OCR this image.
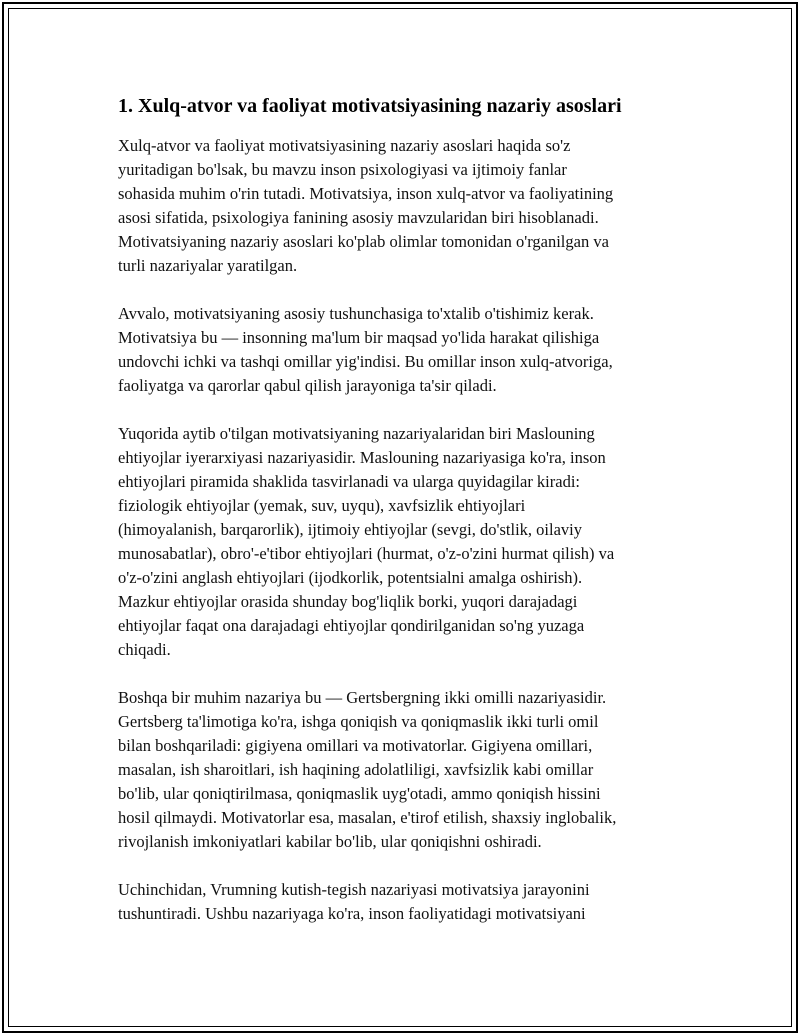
1. Xulq-atvor va faoliyat motivatsiyasining nazariy asoslari

Xulq-atvor va faoliyat motivatsiyasining nazariy asoslari haqida so'z
yuritadigan bo'lsak, bu mavzu inson psixologiyasi va ijtimoiy fanlar
sohasida muhim o'rin tutadi. Motivatsiya, inson xulq-atvor va faoliyatining
asosi sifatida, psixologiya fanining asosiy mavzularidan biri hisoblanadi.
Motivatsiyaning nazariy asoslari ko'plab olimlar tomonidan o'rganilgan va
turli nazariyalar yaratilgan.

Avvalo, motivatsiyaning asosiy tushunchasiga to'xtalib o'tishimiz kerak.
Motivatsiya bu — insonning ma'lum bir maqsad yo'lida harakat qilishiga
undovchi ichki va tashqi omillar yig'indisi. Bu omillar inson xulq-atvoriga,
faoliyatga va qarorlar qabul qilish jarayoniga ta'sir qiladi.

Yuqorida aytib o'tilgan motivatsiyaning nazariyalaridan biri Maslouning
ehtiyojlar iyerarxiyasi nazariyasidir. Maslouning nazariyasiga ko'ra, inson
ehtiyojlari piramida shaklida tasvirlanadi va ularga quyidagilar kiradi:
fiziologik ehtiyojlar (yemak, suv, uyqu), xavfsizlik ehtiyojlari
(himoyalanish, barqarorlik), ijtimoiy ehtiyojlar (sevgi, do'stlik, oilaviy
munosabatlar), obro'-e'tibor ehtiyojlari (hurmat, o'z-o'zini hurmat qilish) va
o'z-o'zini anglash ehtiyojlari (ijodkorlik, potentsialni amalga oshirish).
Mazkur ehtiyojlar orasida shunday bog'liqlik borki, yuqori darajadagi
ehtiyojlar faqat ona darajadagi ehtiyojlar qondirilganidan so'ng yuzaga
chiqadi.

Boshqa bir muhim nazariya bu — Gertsbergning ikki omilli nazariyasidir.
Gertsberg ta'limotiga ko'ra, ishga qoniqish va qoniqmaslik ikki turli omil
bilan boshqariladi: gigiyena omillari va motivatorlar. Gigiyena omillari,
masalan, ish sharoitlari, ish haqining adolatliligi, xavfsizlik kabi omillar
bo'lib, ular qoniqtirilmasa, qoniqmaslik uyg'otadi, ammo qoniqish hissini
hosil qilmaydi. Motivatorlar esa, masalan, e'tirof etilish, shaxsiy inglobalik,
rivojlanish imkoniyatlari kabilar bo'lib, ular qoniqishni oshiradi.

Uchinchidan, Vrumning kutish-tegish nazariyasi motivatsiya jarayonini
tushuntiradi. Ushbu nazariyaga ko'ra, inson faoliyatidagi motivatsiyani
